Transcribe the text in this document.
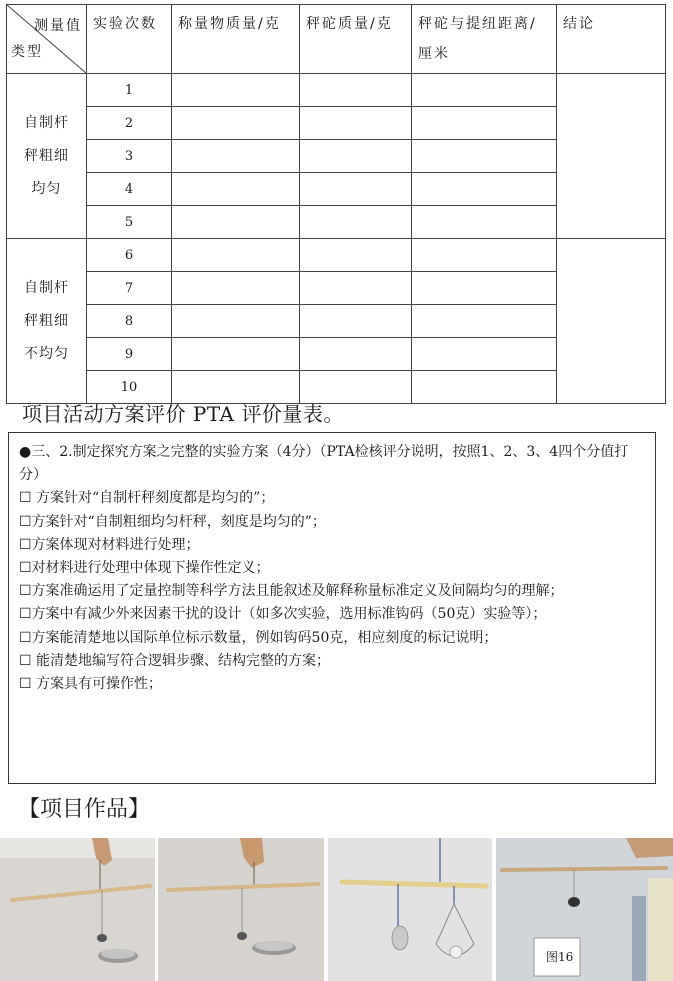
测量值
类型	实验次数	称量物质量/克	秤砣质量/克	秤砣与提纽距离/厘米	结论

自制杆
秤粗细
均匀	1				
	2				
	3				
	4				
	5				

自制杆
秤粗细
不均匀	6				
	7				
	8				
	9				
	10				
项目活动方案评价 PTA 评价量表。

●三、2.制定探究方案之完整的实验方案（4分）（PTA检核评分说明，按照1、2、3、4四个分值打分）

☐ 方案针对“自制杆秤刻度都是均匀的”；

☐方案针对“自制粗细均匀杆秤，刻度是均匀的”；

☐方案体现对材料进行处理；

☐对材料进行处理中体现下操作性定义；

☐方案准确运用了定量控制等科学方法且能叙述及解释称量标准定义及间隔均匀的理解；

☐方案中有减少外来因素干扰的设计（如多次实验，选用标准钩码（50克）实验等）；

☐方案能清楚地以国际单位标示数量，例如钩码50克，相应刻度的标记说明；

☐ 能清楚地编写符合逻辑步骤、结构完整的方案；

☐ 方案具有可操作性；

【项目作品】
图16
